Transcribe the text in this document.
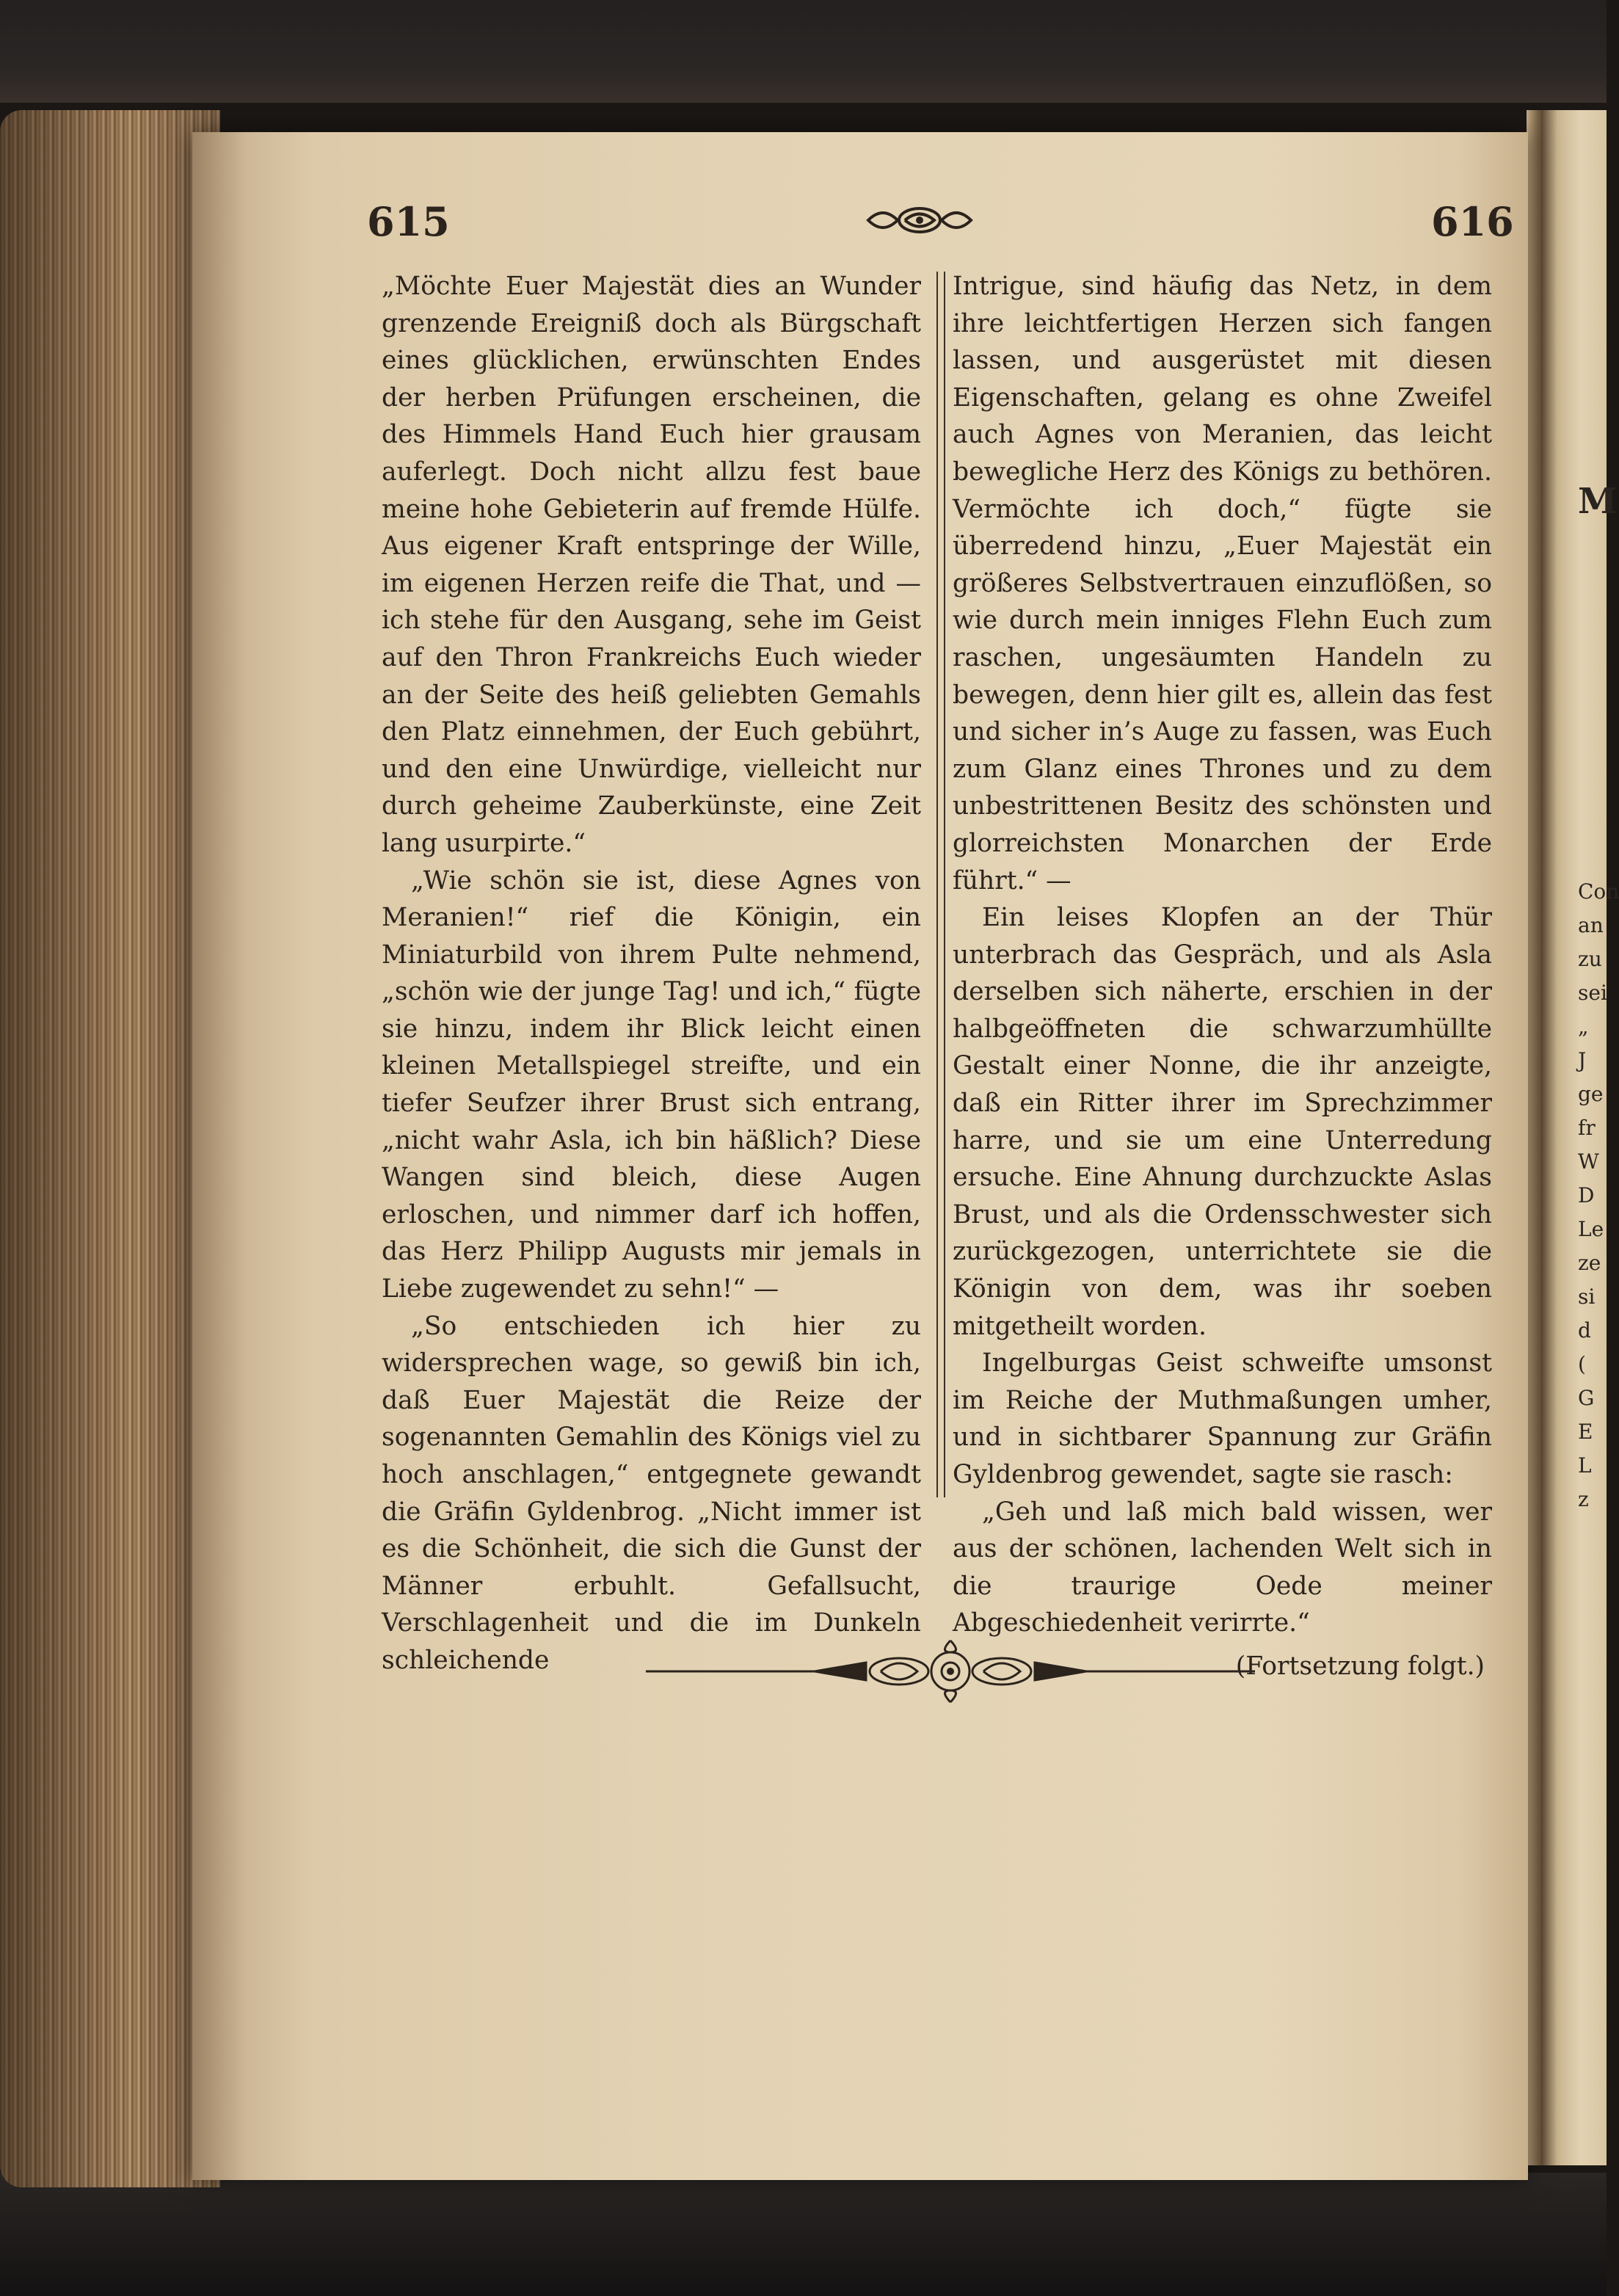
M
Con
an
zu
sei
„
J
ge
fr
W
D
Le
ze
si
d
(
G
E
L
z
615	616

„Möchte Euer Majestät dies an Wunder grenzende Ereigniß doch als Bürgschaft eines glücklichen, erwünschten Endes der herben Prüfungen erscheinen, die des Himmels Hand Euch hier grausam auferlegt. Doch nicht allzu fest baue meine hohe Gebieterin auf fremde Hülfe. Aus eigener Kraft entspringe der Wille, im eigenen Herzen reife die That, und — ich stehe für den Ausgang, sehe im Geist auf den Thron Frankreichs Euch wieder an der Seite des heiß geliebten Gemahls den Platz einnehmen, der Euch gebührt, und den eine Unwürdige, vielleicht nur durch geheime Zauberkünste, eine Zeit lang usurpirte.“

„Wie schön sie ist, diese Agnes von Meranien!“ rief die Königin, ein Miniaturbild von ihrem Pulte nehmend, „schön wie der junge Tag! und ich,“ fügte sie hinzu, indem ihr Blick leicht einen kleinen Metallspiegel streifte, und ein tiefer Seufzer ihrer Brust sich entrang, „nicht wahr Asla, ich bin häßlich? Diese Wangen sind bleich, diese Augen erloschen, und nimmer darf ich hoffen, das Herz Philipp Augusts mir jemals in Liebe zugewendet zu sehn!“ —

„So entschieden ich hier zu widersprechen wage, so gewiß bin ich, daß Euer Majestät die Reize der sogenannten Gemahlin des Königs viel zu hoch anschlagen,“ entgegnete gewandt die Gräfin Gyldenbrog. „Nicht immer ist es die Schönheit, die sich die Gunst der Männer erbuhlt. Gefallsucht, Verschlagenheit und die im Dunkeln schleichende

Intrigue, sind häufig das Netz, in dem ihre leichtfertigen Herzen sich fangen lassen, und ausgerüstet mit diesen Eigenschaften, gelang es ohne Zweifel auch Agnes von Meranien, das leicht bewegliche Herz des Königs zu bethören. Vermöchte ich doch,“ fügte sie überredend hinzu, „Euer Majestät ein größeres Selbstvertrauen einzuflößen, so wie durch mein inniges Flehn Euch zum raschen, ungesäumten Handeln zu bewegen, denn hier gilt es, allein das fest und sicher in’s Auge zu fassen, was Euch zum Glanz eines Thrones und zu dem unbestrittenen Besitz des schönsten und glorreichsten Monarchen der Erde führt.“ —

Ein leises Klopfen an der Thür unterbrach das Gespräch, und als Asla derselben sich näherte, erschien in der halbgeöffneten die schwarzumhüllte Gestalt einer Nonne, die ihr anzeigte, daß ein Ritter ihrer im Sprechzimmer harre, und sie um eine Unterredung ersuche. Eine Ahnung durchzuckte Aslas Brust, und als die Ordensschwester sich zurückgezogen, unterrichtete sie die Königin von dem, was ihr soeben mitgetheilt worden.

Ingelburgas Geist schweifte umsonst im Reiche der Muthmaßungen umher, und in sichtbarer Spannung zur Gräfin Gyldenbrog gewendet, sagte sie rasch:

„Geh und laß mich bald wissen, wer aus der schönen, lachenden Welt sich in die traurige Oede meiner Abgeschiedenheit verirrte.“

(Fortsetzung folgt.)
